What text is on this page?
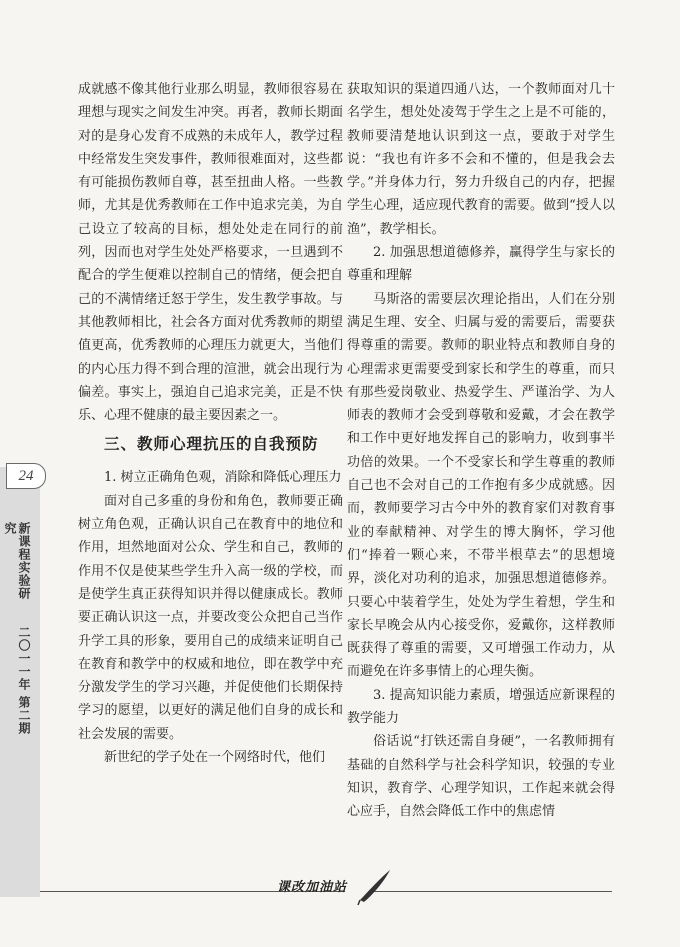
24
新课程实验研究
二〇一一年 第二期

成就感不像其他行业那么明显，教师很容易在理想与现实之间发生冲突。再者，教师长期面对的是身心发育不成熟的未成年人，教学过程中经常发生突发事件，教师很难面对，这些都有可能损伤教师自尊，甚至扭曲人格。一些教师，尤其是优秀教师在工作中追求完美，为自己设立了较高的目标，想处处走在同行的前列，因而也对学生处处严格要求，一旦遇到不配合的学生便难以控制自己的情绪，便会把自己的不满情绪迁怒于学生，发生教学事故。与其他教师相比，社会各方面对优秀教师的期望值更高，优秀教师的心理压力就更大，当他们的内心压力得不到合理的渲泄，就会出现行为偏差。事实上，强迫自己追求完美，正是不快乐、心理不健康的最主要因素之一。

三、教师心理抗压的自我预防

1. 树立正确角色观，消除和降低心理压力

面对自己多重的身份和角色，教师要正确树立角色观，正确认识自己在教育中的地位和作用，坦然地面对公众、学生和自己，教师的作用不仅是使某些学生升入高一级的学校，而是使学生真正获得知识并得以健康成长。教师要正确认识这一点，并要改变公众把自己当作升学工具的形象，要用自己的成绩来证明自己在教育和教学中的权威和地位，即在教学中充分激发学生的学习兴趣，并促使他们长期保持学习的愿望，以更好的满足他们自身的成长和社会发展的需要。

新世纪的学子处在一个网络时代，他们

获取知识的渠道四通八达，一个教师面对几十名学生，想处处凌驾于学生之上是不可能的，教师要清楚地认识到这一点，要敢于对学生说：“我也有许多不会和不懂的，但是我会去学。”并身体力行，努力升级自己的内存，把握学生心理，适应现代教育的需要。做到“授人以渔”，教学相长。

2. 加强思想道德修养，赢得学生与家长的尊重和理解

马斯洛的需要层次理论指出，人们在分别满足生理、安全、归属与爱的需要后，需要获得尊重的需要。教师的职业特点和教师自身的心理需求更需要受到家长和学生的尊重，而只有那些爱岗敬业、热爱学生、严谨治学、为人师表的教师才会受到尊敬和爱戴，才会在教学和工作中更好地发挥自己的影响力，收到事半功倍的效果。一个不受家长和学生尊重的教师自己也不会对自己的工作抱有多少成就感。因而，教师要学习古今中外的教育家们对教育事业的奉献精神、对学生的博大胸怀，学习他们“捧着一颗心来，不带半根草去”的思想境界，淡化对功利的追求，加强思想道德修养。只要心中装着学生，处处为学生着想，学生和家长早晚会从内心接受你，爱戴你，这样教师既获得了尊重的需要，又可增强工作动力，从而避免在许多事情上的心理失衡。

3. 提高知识能力素质，增强适应新课程的教学能力

俗话说“打铁还需自身硬”，一名教师拥有基础的自然科学与社会科学知识，较强的专业知识，教育学、心理学知识，工作起来就会得心应手，自然会降低工作中的焦虑情

课改加油站
